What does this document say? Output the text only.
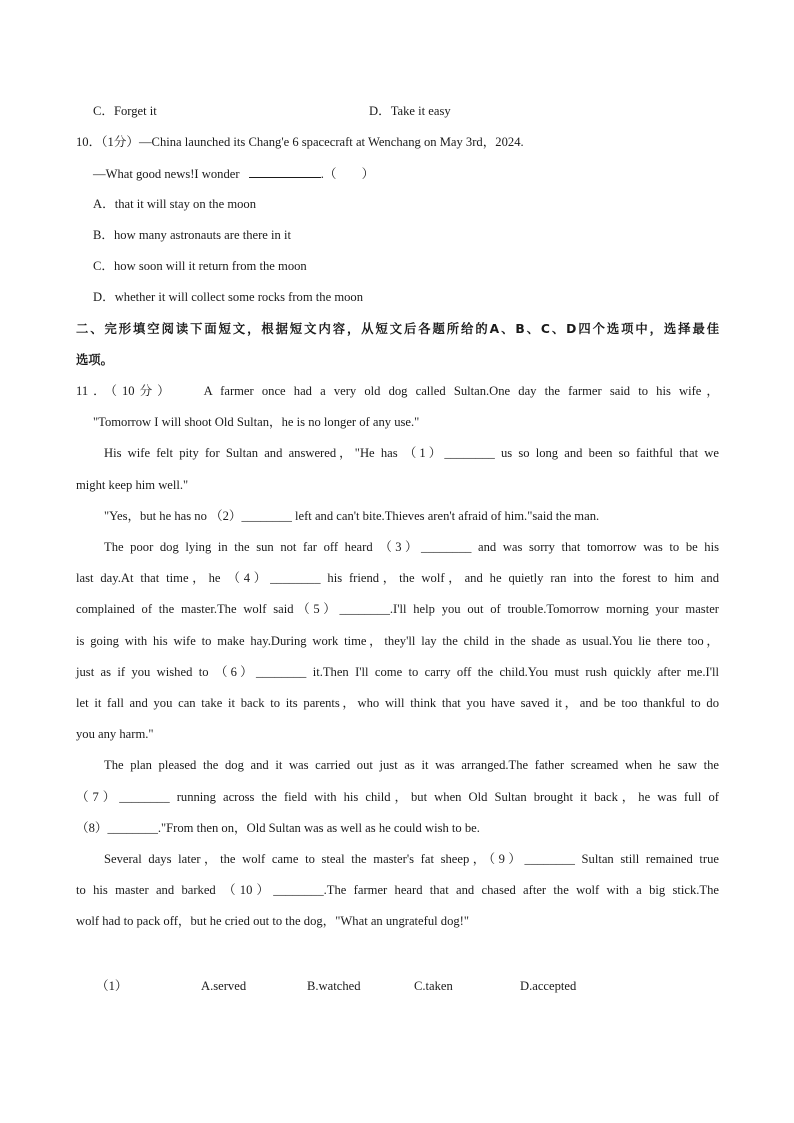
C．Forget it	D．Take it easy
10．（1分）—China launched its Chang'e 6 spacecraft at Wenchang on May 3rd，2024.
—What good news!I wonder	.（　　）
A．that it will stay on the moon
B．how many astronauts are there in it
C．how soon will it return from the moon
D．whether it will collect some rocks from the moon
二、完形填空阅读下面短文，根据短文内容，从短文后各题所给的A、B、C、D四个选项中，选择最佳
选项。
11．（10分）　　A farmer once had a very old dog called Sultan.One day the farmer said to his wife，
"Tomorrow I will shoot Old Sultan，he is no longer of any use."
His wife felt pity for Sultan and answered，"He has （1）________ us so long and been so faithful that we
might keep him well."
"Yes，but he has no （2）________ left and can't bite.Thieves aren't afraid of him."said the man.
The poor dog lying in the sun not far off heard （3）________ and was sorry that tomorrow was to be his
last day.At that time，he （4）________ his friend，the wolf，and he quietly ran into the forest to him and
complained of the master.The wolf said（5）________.I'll help you out of trouble.Tomorrow morning your master
is going with his wife to make hay.During work time，they'll lay the child in the shade as usual.You lie there too，
just as if you wished to （6）________ it.Then I'll come to carry off the child.You must rush quickly after me.I'll
let it fall and you can take it back to its parents，who will think that you have saved it，and be too thankful to do
you any harm."
The plan pleased the dog and it was carried out just as it was arranged.The father screamed when he saw the
（7）________ running across the field with his child，but when Old Sultan brought it back，he was full of
（8）________."From then on，Old Sultan was as well as he could wish to be.
Several days later，the wolf came to steal the master's fat sheep，（9）________ Sultan still remained true
to his master and barked （10）________.The farmer heard that and chased after the wolf with a big stick.The
wolf had to pack off，but he cried out to the dog，"What an ungrateful dog!"
（1）	A.served	B.watched	C.taken	D.accepted
